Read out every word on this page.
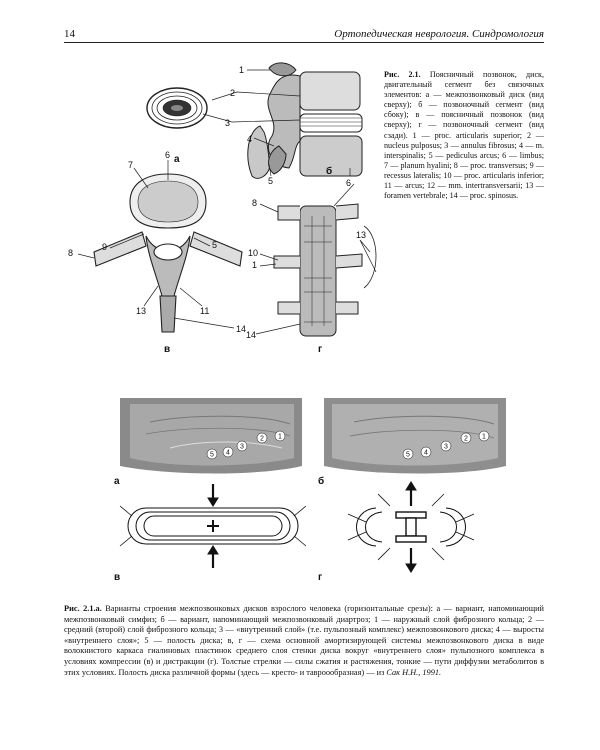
14	Ортопедическая неврология. Синдромология
1
2
3
4
5	6
6
7
8
9	5
13	11
14
8
10
1
13
14
а
б
в	г
Рис. 2.1. Поясничный позвонок, диск, двигательный сегмент без связочных элементов: а — межпозвонковый диск (вид сверху); б — позвоночный сегмент (вид сбоку); в — поясничный позвонок (вид сверху); г — позвоночный сегмент (вид сзади). 1 — proc. articularis superior; 2 — nucleus pulposus; 3 — annulus fibrosus; 4 — m. interspinalis; 5 — pediculus arcus; 6 — limbus; 7 — planum hyalini; 8 — proc. transversus; 9 — recessus lateralis; 10 — proc. articularis inferior; 11 — arcus; 12 — mm. intertransversarii; 13 — foramen vertebrale; 14 — proc. spinosus.
1
2
3
4
5
1
2
3
4
5
а	б
в	г
Рис. 2.1.а. Варианты строения межпозвонковых дисков взрослого человека (горизонтальные срезы): а — вариант, напоминающий межпозвонковый симфиз; б — вариант, напоминающий межпозвонковый диартроз; 1 — наружный слой фиброзного кольца; 2 — средний (второй) слой фиброзного кольца; 3 — «внутренний слой» (т.е. пульпозный комплекс) межпозвонкового диска; 4 — выросты «внутреннего слоя»; 5 — полость диска; в, г — схема основной амортизирующей системы межпозвонкового диска в виде волокнистого каркаса гиалиновых пластинок среднего слоя стенки диска вокруг «внутреннего слоя» пульпозного комплекса в условиях компрессии (в) и дистракции (г). Толстые стрелки — силы сжатия и растяжения, тонкие — пути диффузии метаболитов в этих условиях. Полость диска различной формы (здесь — кресто- и тавроообразная) — из Сак Н.Н., 1991.
